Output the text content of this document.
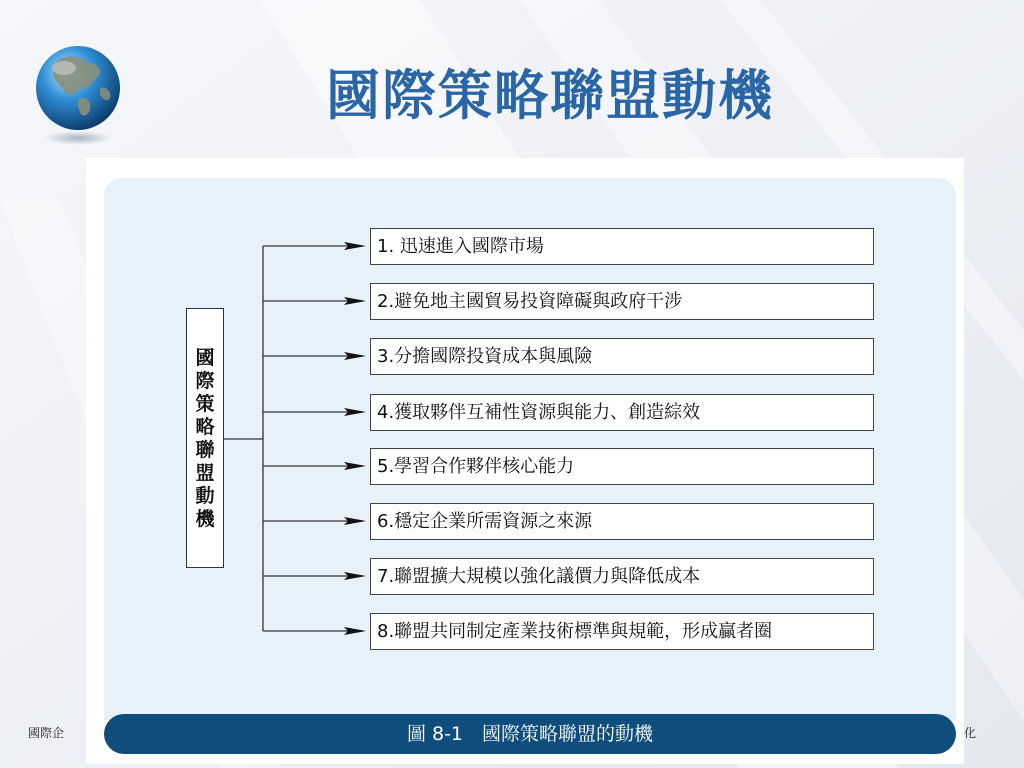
國際策略聯盟動機
國際企	化
國際策略聯盟動機
1. 迅速進入國際市場
2.避免地主國貿易投資障礙與政府干涉
3.分擔國際投資成本與風險
4.獲取夥伴互補性資源與能力、創造綜效
5.學習合作夥伴核心能力
6.穩定企業所需資源之來源
7.聯盟擴大規模以強化議價力與降低成本
8.聯盟共同制定產業技術標準與規範，形成贏者圈
圖 8-1　國際策略聯盟的動機
